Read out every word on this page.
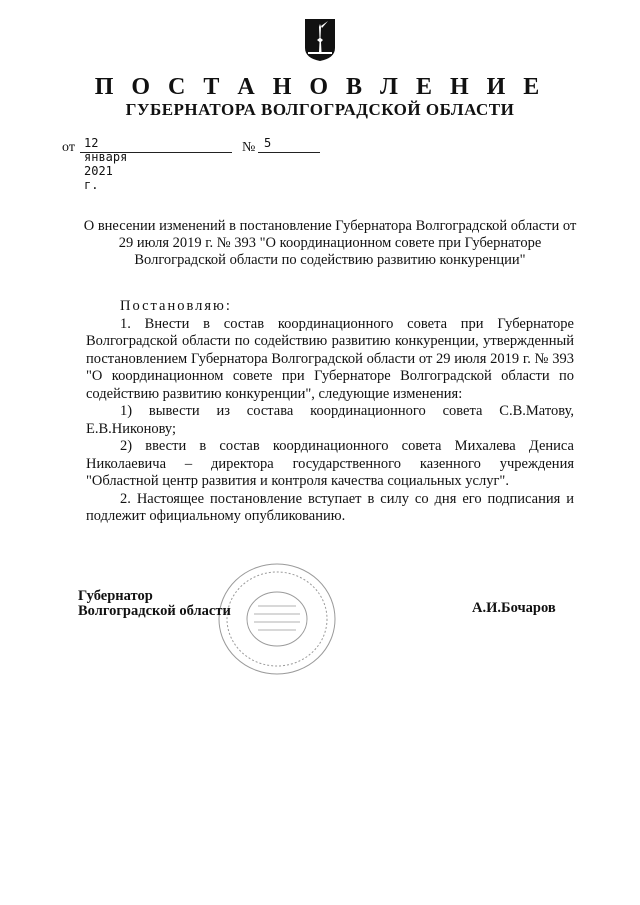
П О С Т А Н О В Л Е Н И Е
ГУБЕРНАТОРА ВОЛГОГРАДСКОЙ ОБЛАСТИ
от 12 января 2021 г.
№ 5
О внесении изменений в постановление Губернатора Волгоградской области от 29 июля 2019 г. № 393 "О координационном совете при Губернаторе Волгоградской области по содействию развитию конкуренции"

Постановляю:

1. Внести в состав координационного совета при Губернаторе Волгоградской области по содействию развитию конкуренции, утвержденный постановлением Губернатора Волгоградской области от 29 июля 2019 г. № 393 "О координационном совете при Губернаторе Волгоградской области по содействию развитию конкуренции", следующие изменения:

1) вывести из состава координационного совета С.В.Матову, Е.В.Никонову;

2) ввести в состав координационного совета Михалева Дениса Николаевича – директора государственного казенного учреждения "Областной центр развития и контроля качества социальных услуг".

2. Настоящее постановление вступает в силу со дня его подписания и подлежит официальному опубликованию.

Губернатор
Волгоградской области	А.И.Бочаров
